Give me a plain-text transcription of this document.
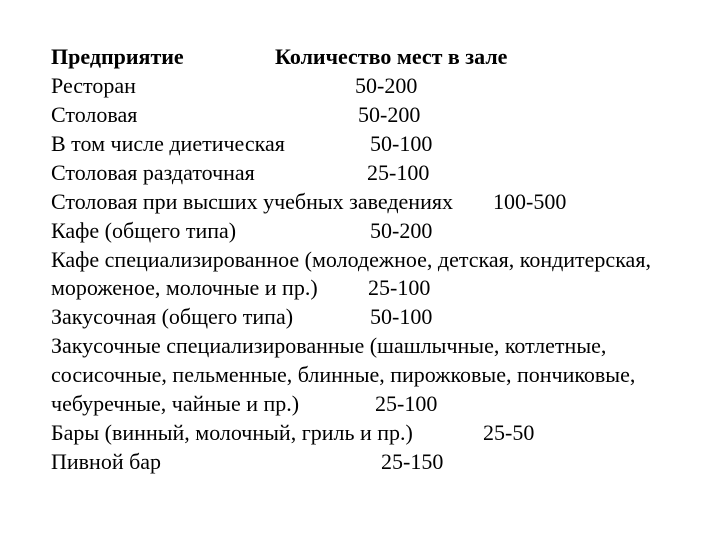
Предприятие	Количество мест в зале

Ресторан	50-200

Столовая	50-200

В том числе диетическая	50-100

Столовая раздаточная	25-100

Столовая при высших учебных заведениях 100-500

Кафе (общего типа)	50-200

Кафе специализированное (молодежное, детская, кондитерская,

мороженое, молочные и пр.) 25-100

Закусочная (общего типа)	50-100

Закусочные специализированные (шашлычные, котлетные,

сосисочные, пельменные, блинные, пирожковые, пончиковые,

чебуречные, чайные и пр.)	25-100

Бары (винный, молочный, гриль и пр.)	25-50

Пивной бар	25-150
